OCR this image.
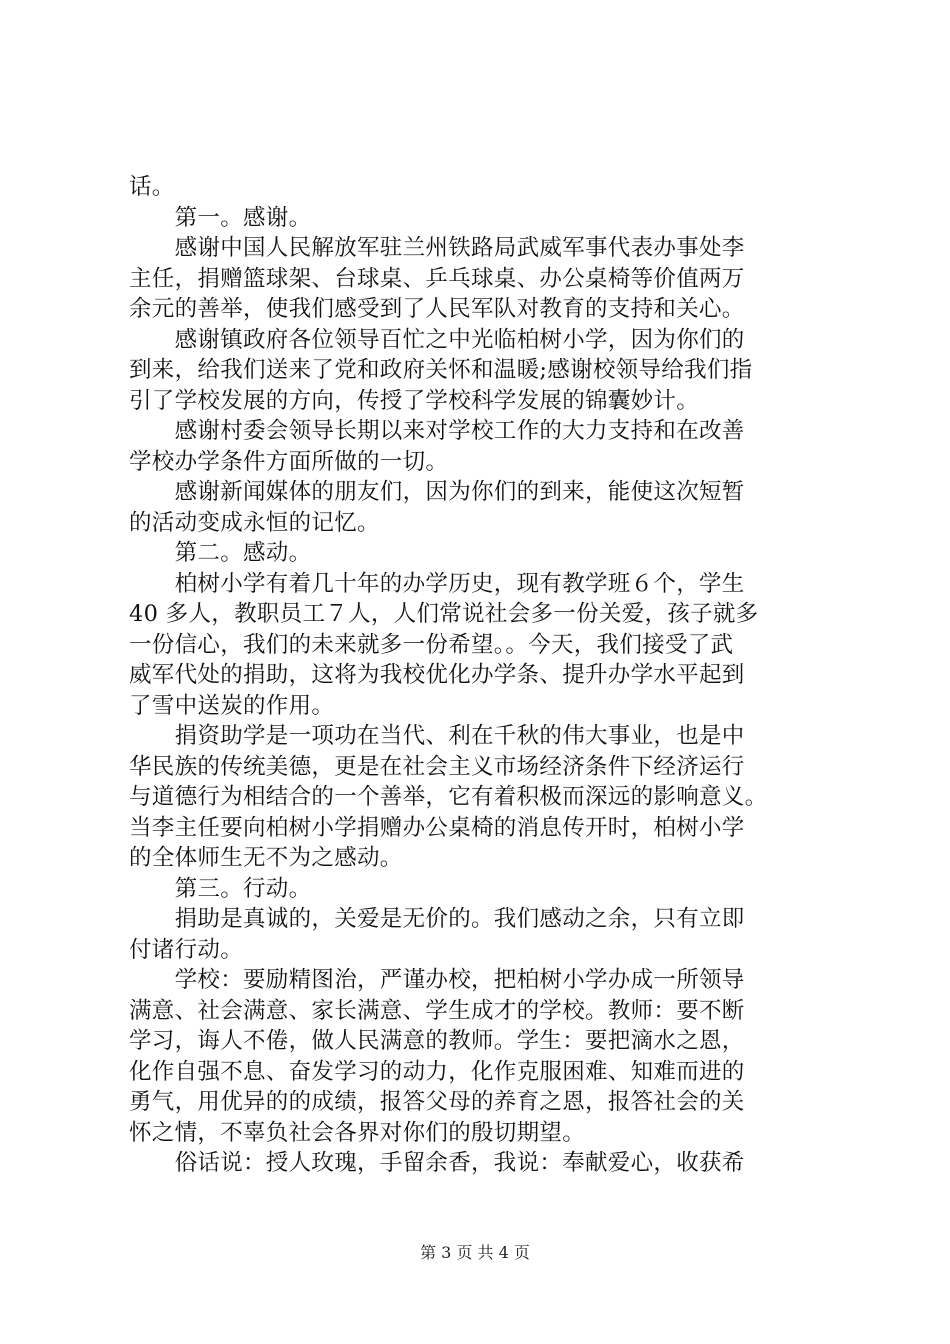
话。
　　第一。感谢。
　　感谢中国人民解放军驻兰州铁路局武威军事代表办事处李
主任，捐赠篮球架、台球桌、乒乓球桌、办公桌椅等价值两万
余元的善举，使我们感受到了人民军队对教育的支持和关心。
　　感谢镇政府各位领导百忙之中光临柏树小学，因为你们的
到来，给我们送来了党和政府关怀和温暖;感谢校领导给我们指
引了学校发展的方向，传授了学校科学发展的锦囊妙计。
　　感谢村委会领导长期以来对学校工作的大力支持和在改善
学校办学条件方面所做的一切。
　　感谢新闻媒体的朋友们，因为你们的到来，能使这次短暂
的活动变成永恒的记忆。
　　第二。感动。
　　柏树小学有着几十年的办学历史，现有教学班６个，学生
40 多人，教职员工７人，人们常说社会多一份关爱，孩子就多
一份信心，我们的未来就多一份希望。。今天，我们接受了武
威军代处的捐助，这将为我校优化办学条、提升办学水平起到
了雪中送炭的作用。
　　捐资助学是一项功在当代、利在千秋的伟大事业，也是中
华民族的传统美德，更是在社会主义市场经济条件下经济运行
与道德行为相结合的一个善举，它有着积极而深远的影响意义。
当李主任要向柏树小学捐赠办公桌椅的消息传开时，柏树小学
的全体师生无不为之感动。
　　第三。行动。
　　捐助是真诚的，关爱是无价的。我们感动之余，只有立即
付诸行动。
　　学校：要励精图治，严谨办校，把柏树小学办成一所领导
满意、社会满意、家长满意、学生成才的学校。教师：要不断
学习，诲人不倦，做人民满意的教师。学生：要把滴水之恩，
化作自强不息、奋发学习的动力，化作克服困难、知难而进的
勇气，用优异的的成绩，报答父母的养育之恩，报答社会的关
怀之情，不辜负社会各界对你们的殷切期望。
　　俗话说：授人玫瑰，手留余香，我说：奉献爱心，收获希
第 3 页 共 4 页
